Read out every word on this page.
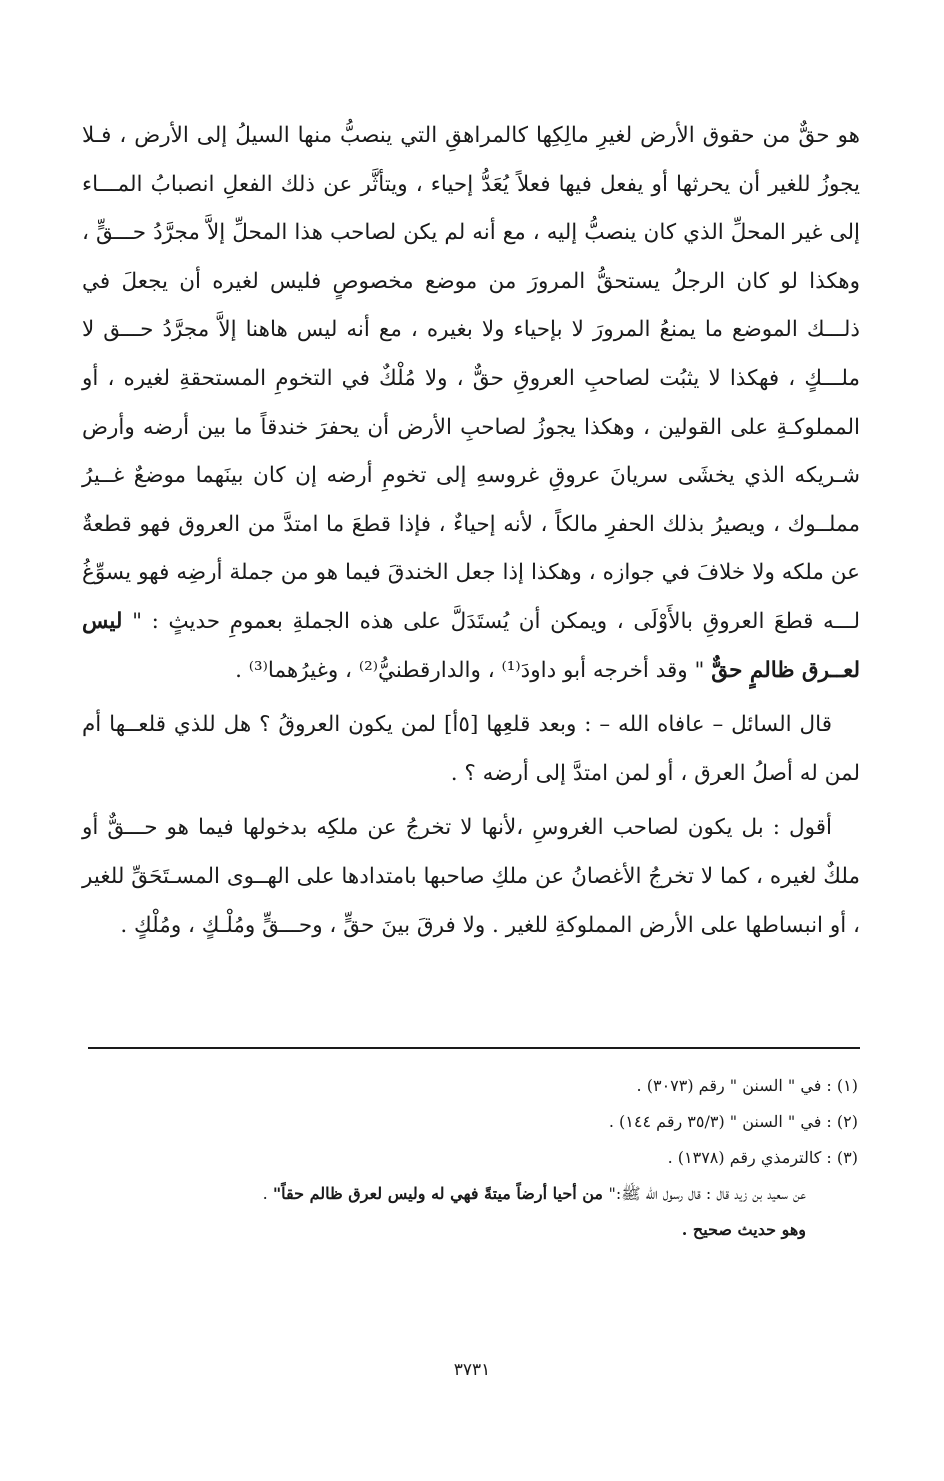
هو حقٌّ من حقوق الأرض لغيرِ مالِكِها كالمراهقِ التي ينصبُّ منها السيلُ إلى الأرض ، فـلا يجوزُ للغير أن يحرثها أو يفعل فيها فعلاً يُعَدُّ إحياء ، ويتأثَّر عن ذلك الفعلِ انصبابُ المـــاء إلى غير المحلِّ الذي كان ينصبُّ إليه ، مع أنه لم يكن لصاحب هذا المحلِّ إلاَّ مجرَّدُ حـــقٍّ ، وهكذا لو كان الرجلُ يستحقُّ المرورَ من موضع مخصوصٍ فليس لغيره أن يجعلَ في ذلـــك الموضع ما يمنعُ المرورَ لا بإحياء ولا بغيره ، مع أنه ليس هاهنا إلاَّ مجرَّدُ حـــق لا ملـــكٍ ، فهكذا لا يثبُت لصاحبِ العروقِ حقٌّ ، ولا مُلْكٌ في التخومِ المستحقةِ لغيره ، أو المملوكـةِ على القولين ، وهكذا يجوزُ لصاحبِ الأرض أن يحفرَ خندقاً ما بين أرضه وأرض شـريكه الذي يخشَى سريانَ عروقِ غروسهِ إلى تخومِ أرضه إن كان بينَهما موضعٌ غــيرُ مملــوك ، ويصيرُ بذلك الحفرِ مالكاً ، لأنه إحياءٌ ، فإذا قطعَ ما امتدَّ من العروق فهو قطعةٌ عن ملكه ولا خلافَ في جوازه ، وهكذا إذا جعل الخندقَ فيما هو من جملة أرضِه فهو يسوِّغُ لـــه قطعَ العروقِ بالأَوْلَى ، ويمكن أن يُستَدَلَّ على هذه الجملةِ بعمومِ حديثٍ : " ليس لعــرق ظالمٍ حقٌّ " وقد أخرجه أبو داودَ⁽¹⁾ ، والدارقطنيُّ⁽²⁾ ، وغيرُهما⁽³⁾ .

قال السائل – عافاه الله – : وبعد قلعِها [٥أ] لمن يكون العروقُ ؟ هل للذي قلعــها أم لمن له أصلُ العرق ، أو لمن امتدَّ إلى أرضه ؟ .

أقول : بل يكون لصاحب الغروسِ ،لأنها لا تخرجُ عن ملكِه بدخولها فيما هو حـــقٌّ أو ملكٌ لغيره ، كما لا تخرجُ الأغصانُ عن ملكِ صاحبها بامتدادها على الهــوى المسـتَحَقِّ للغير ، أو انبساطها على الأرض المملوكةِ للغير . ولا فرقَ بينَ حقٍّ ، وحـــقٍّ ومُلْـكٍ ، ومُلْكٍ .

(١) : في " السنن " رقم (٣٠٧٣) .

(٢) : في " السنن " (٣٥/٣ رقم ١٤٤) .

(٣) : كالترمذي رقم (١٣٧٨) .

عن سعيد بن زيد قال : قال رسول الله ﷺ:" من أحيا أرضاً ميتةً فهي له وليس لعرق ظالم حقاً" .

وهو حديث صحيح .

٣٧٣١
